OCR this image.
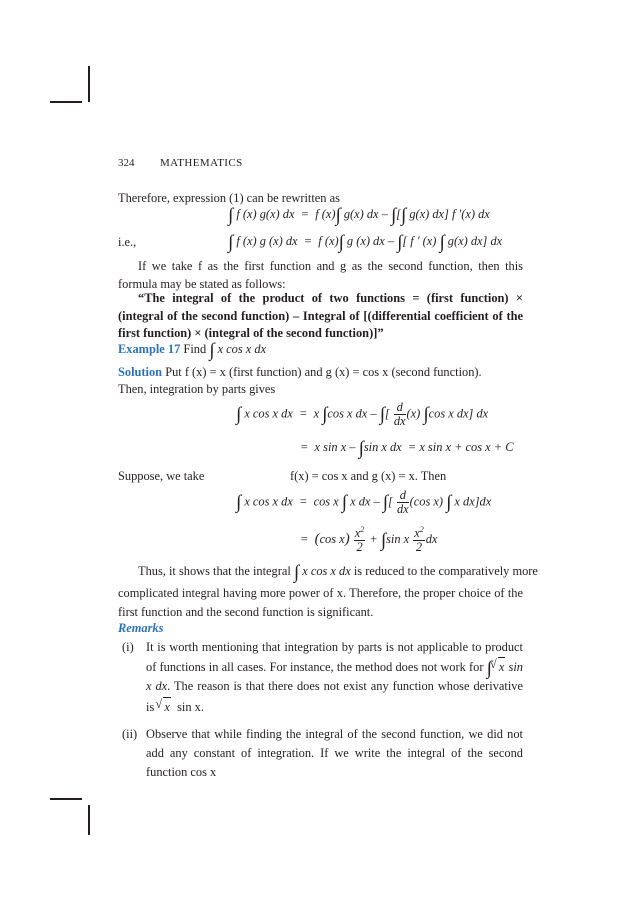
324 MATHEMATICS
Therefore, expression (1) can be rewritten as
∫ f (x) g(x) dx  =  f (x)∫ g(x) dx – ∫[∫ g(x) dx] f ′(x) dx
i.e.,	∫ f (x) g (x) dx  =  f (x)∫ g (x) dx – ∫[ f ′ (x) ∫ g(x) dx] dx
If we take f as the first function and g as the second function, then this formula may be stated as follows:
“The integral of the product of two functions = (first function) × (integral of the second function) – Integral of [(differential coefficient of the first function) × (integral of the second function)]”
Example 17 Find ∫ x cos x dx
Solution Put f (x) = x (first function) and g (x) = cos x (second function).
Then, integration by parts gives
∫ x cos x dx  =  x ∫cos x dx – ∫[ $\frac{d}{dx} (x)$ ∫cos x dx] dx
=  x sin x – ∫sin x dx  = x sin x + cos x + C
Suppose, we take	f(x) = cos x and g (x) = x. Then
∫ x cos x dx  =  cos x ∫ x dx – ∫[ $\frac{d}{dx} (\cos$ x) ∫ x dx]dx
=  (cos $x) \frac{x^2}{2} + \int\sin$ x $\frac{x^2}{2}$ dx
Thus, it shows that the integral ∫ x cos x dx is reduced to the comparatively more
complicated integral having more power of x. Therefore, the proper choice of the first function and the second function is significant.
Remarks
(i) It is worth mentioning that integration by parts is not applicable to product of functions in all cases. For instance, the method does not work for ∫ √ x sin x dx. The reason is that there does not exist any function whose derivative is √ x sin x.
(ii) Observe that while finding the integral of the second function, we did not add any constant of integration. If we write the integral of the second function cos x
